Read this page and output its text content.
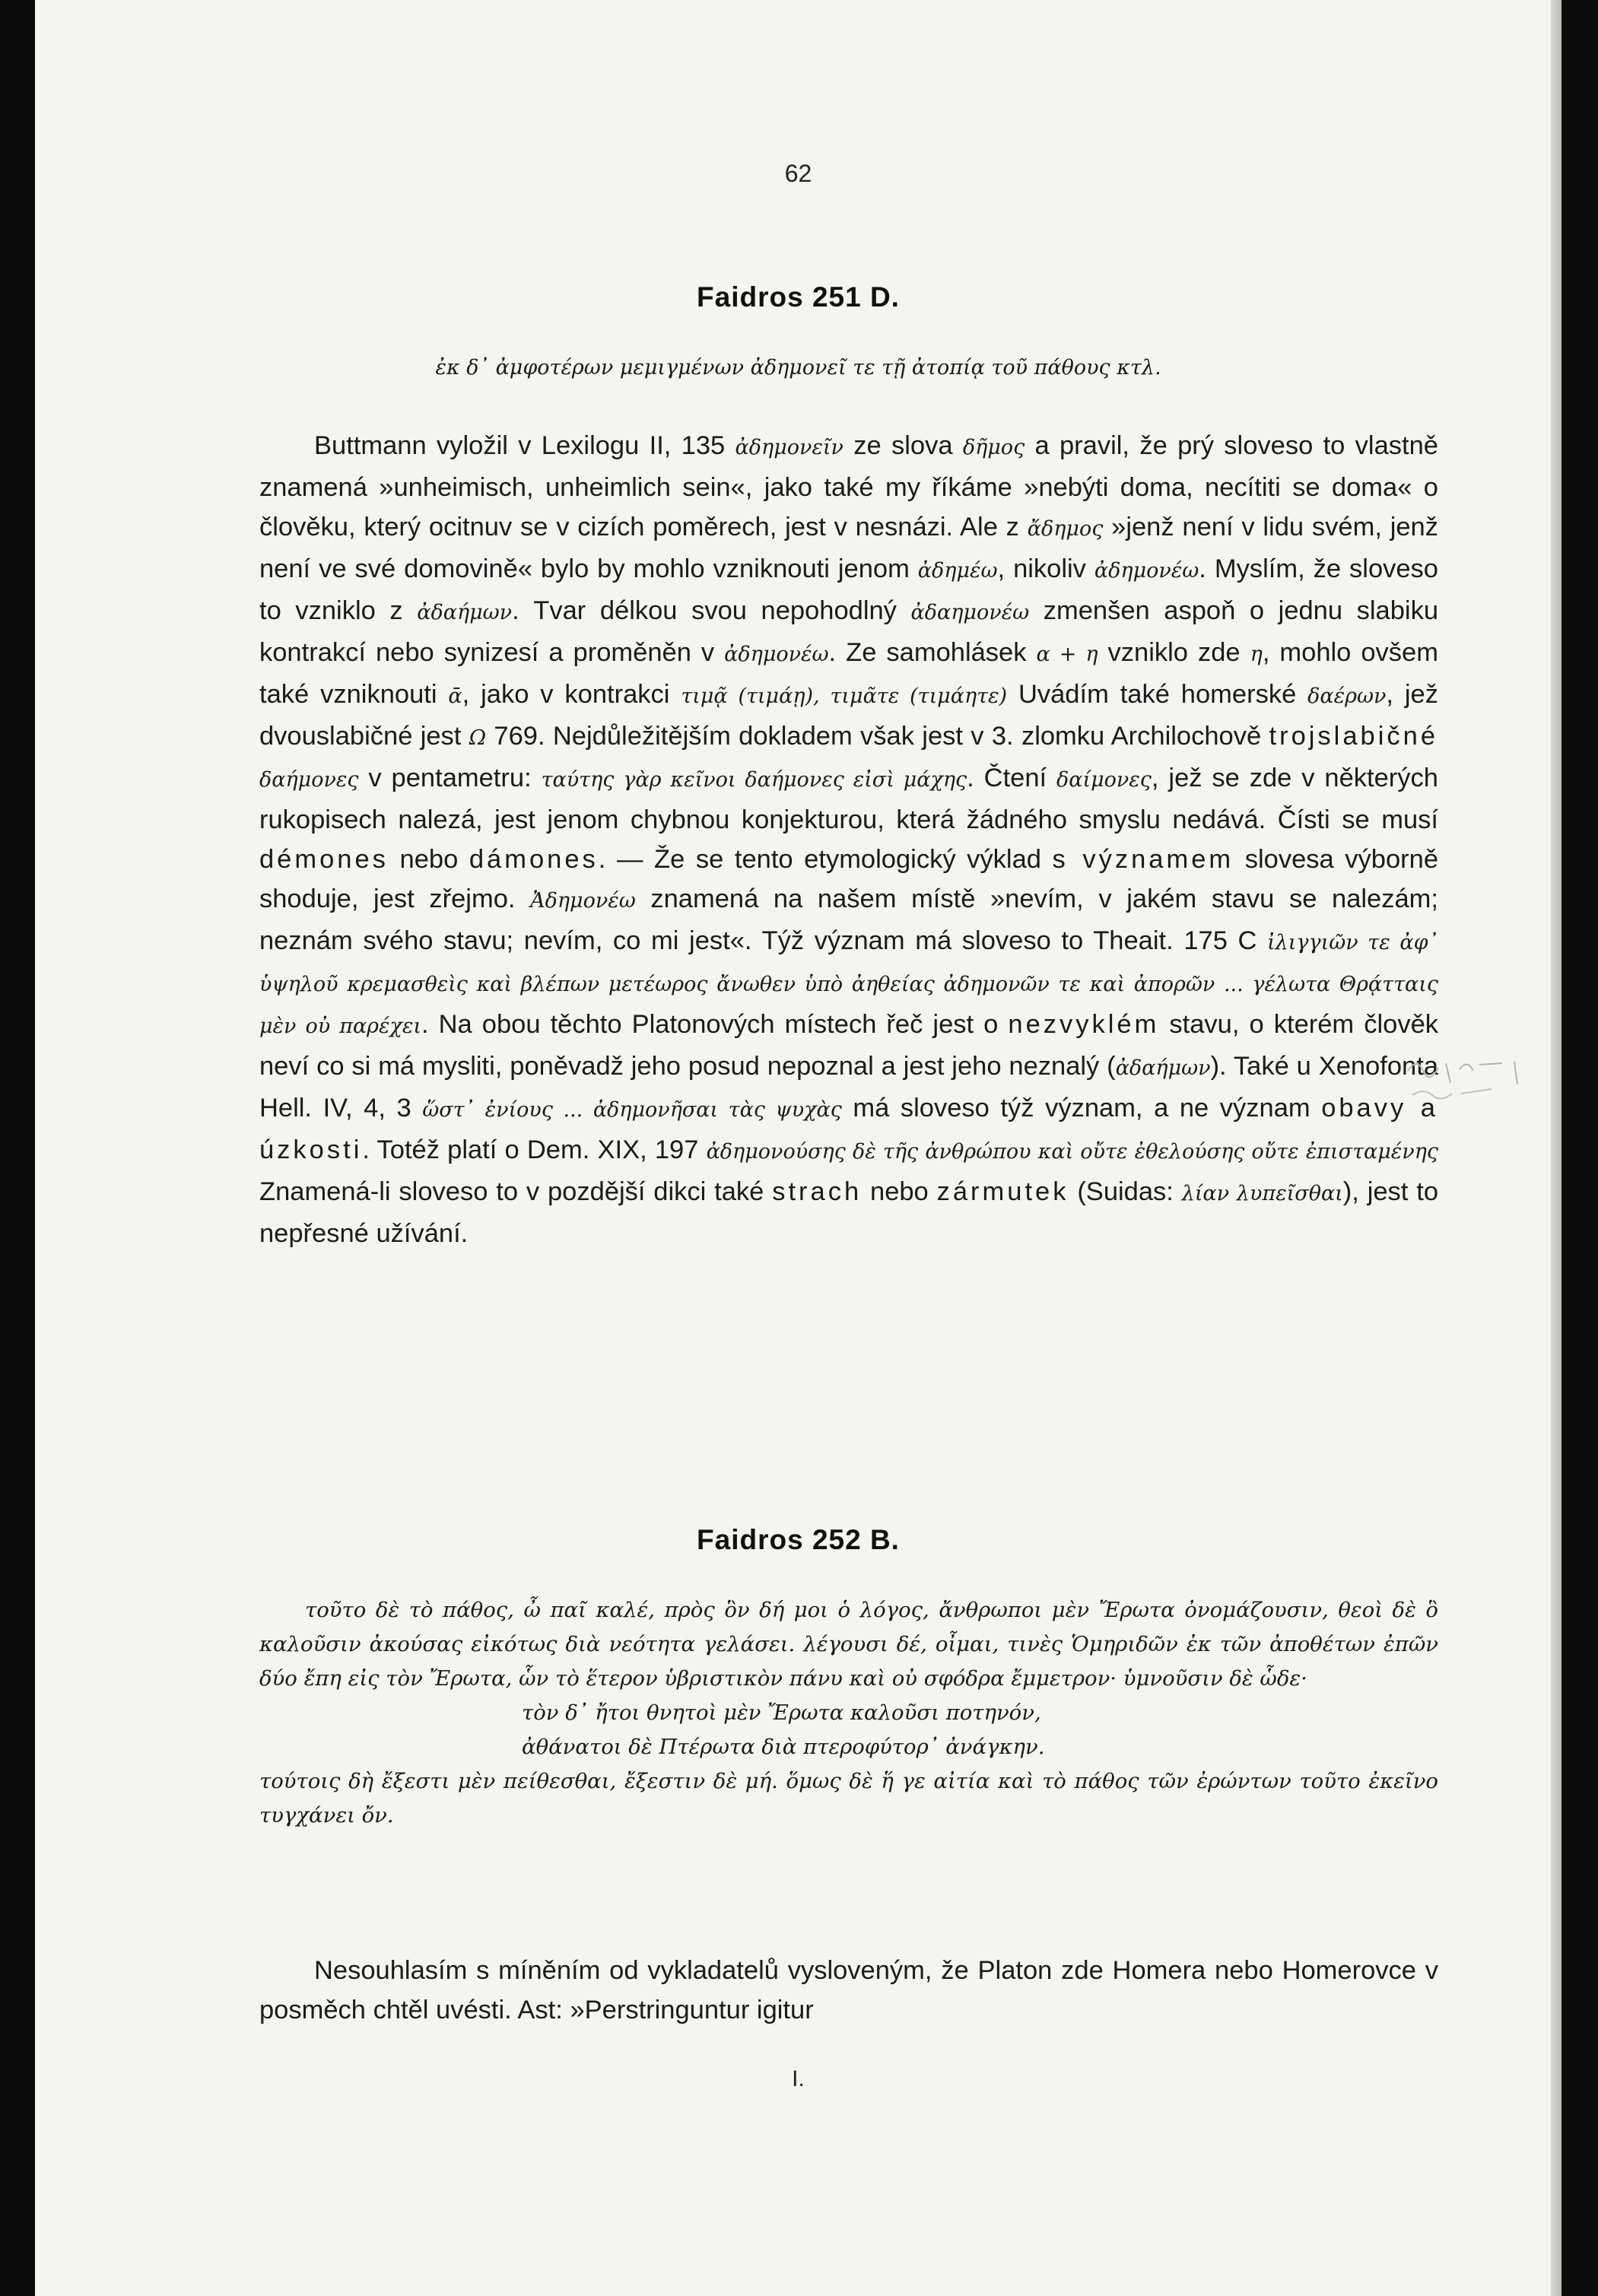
62
Faidros 251 D.
ἐκ δ᾽ ἀμφοτέρων μεμιγμένων ἀδημονεῖ τε τῇ ἀτοπίᾳ τοῦ πάθους κτλ.

Buttmann vyložil v Lexilogu II, 135 ἀδημονεῖν ze slova δῆμος a pravil, že prý sloveso to vlastně znamená »unheimisch, unheimlich sein«, jako také my říkáme »nebýti doma, necítiti se doma« o člověku, který ocitnuv se v cizích poměrech, jest v nesnázi. Ale z ἄδημος »jenž není v lidu svém, jenž není ve své domovině« bylo by mohlo vzniknouti jenom ἀδημέω, nikoliv ἀδημονέω. Myslím, že sloveso to vzniklo z ἀδαήμων. Tvar délkou svou nepohodlný ἀδαημονέω zmenšen aspoň o jednu slabiku kontrakcí nebo synizesí a proměněn v ἀδημονέω. Ze samohlásek α + η vzniklo zde η, mohlo ovšem také vzniknouti ᾱ, jako v kontrakci τιμᾷ (τιμάῃ), τιμᾶτε (τιμάητε) Uvádím také homerské δαέρων, jež dvouslabičné jest Ω 769. Nejdůležitějším dokladem však jest v 3. zlomku Archilochově trojslabičné δαήμονες v pentametru: ταύτης γὰρ κεῖνοι δαήμονες εἰσὶ μάχης. Čtení δαίμονες, jež se zde v některých rukopisech nalezá, jest jenom chybnou konjekturou, která žádného smyslu nedává. Čísti se musí démones nebo dámones. — Že se tento etymologický výklad s významem slovesa výborně shoduje, jest zřejmo. Ἀδημονέω znamená na našem místě »nevím, v jakém stavu se nalezám; neznám svého stavu; nevím, co mi jest«. Týž význam má sloveso to Theait. 175 C ἰλιγγιῶν τε ἀφ᾽ ὑψηλοῦ κρεμασθεὶς καὶ βλέπων μετέωρος ἄνωθεν ὑπὸ ἀηθείας ἀδημονῶν τε καὶ ἀπορῶν ... γέλωτα Θρᾴτταις μὲν οὐ παρέχει. Na obou těchto Platonových místech řeč jest o nezvyklém stavu, o kterém člověk neví co si má mysliti, poněvadž jeho posud nepoznal a jest jeho neznalý (ἀδαήμων). Také u Xenofonta Hell. IV, 4, 3 ὥστ᾽ ἐνίους ... ἀδημονῆσαι τὰς ψυχὰς má sloveso týž význam, a ne význam obavy a úzkosti. Totéž platí o Dem. XIX, 197 ἀδημονούσης δὲ τῆς ἀνθρώπου καὶ οὔτε ἐθελούσης οὔτε ἐπισταμένης Znamená-li sloveso to v pozdější dikci také strach nebo zármutek (Suidas: λίαν λυπεῖσθαι), jest to nepřesné užívání.

Faidros 252 B.

τοῦτο δὲ τὸ πάθος, ὦ παῖ καλέ, πρὸς ὃν δή μοι ὁ λόγος, ἄνθρωποι μὲν Ἔρωτα ὀνομάζουσιν, θεοὶ δὲ ὃ καλοῦσιν ἀκούσας εἰκότως διὰ νεότητα γελάσει. λέγουσι δέ, οἶμαι, τινὲς Ὁμηριδῶν ἐκ τῶν ἀποθέτων ἐπῶν δύο ἔπη εἰς τὸν Ἔρωτα, ὧν τὸ ἕτερον ὑβριστικὸν πάνυ καὶ οὐ σφόδρα ἔμμετρον· ὑμνοῦσιν δὲ ὧδε·

τὸν δ᾽ ἤτοι θνητοὶ μὲν Ἔρωτα καλοῦσι ποτηνόν,

ἀθάνατοι δὲ Πτέρωτα διὰ πτεροφύτορ᾽ ἀνάγκην.

τούτοις δὴ ἔξεστι μὲν πείθεσθαι, ἔξεστιν δὲ μή. ὅμως δὲ ἥ γε αἰτία καὶ τὸ πάθος τῶν ἐρώντων τοῦτο ἐκεῖνο τυγχάνει ὄν.

Nesouhlasím s míněním od vykladatelů vysloveným, že Platon zde Homera nebo Homerovce v posměch chtěl uvésti. Ast: »Perstringuntur igitur

I.
